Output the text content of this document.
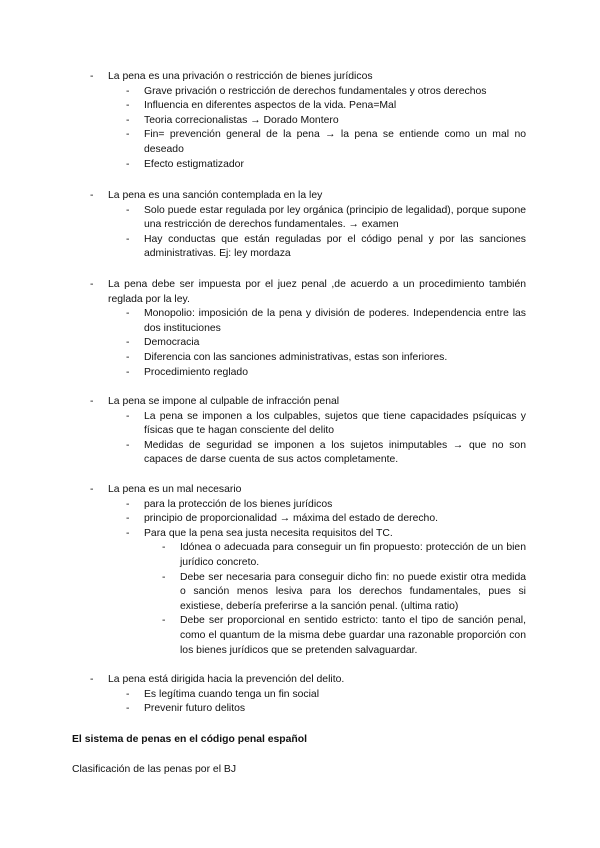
- La pena es una privación o restricción de bienes jurídicos
- Grave privación o restricción de derechos fundamentales y otros derechos
- Influencia en diferentes aspectos de la vida. Pena=Mal
- Teoria correcionalistas → Dorado Montero
- Fin= prevención general de la pena → la pena se entiende como un mal no deseado
- Efecto estigmatizador
- La pena es una sanción contemplada en la ley
- Solo puede estar regulada por ley orgánica (principio de legalidad), porque supone una restricción de derechos fundamentales. → examen
- Hay conductas que están reguladas por el código penal y por las sanciones administrativas. Ej: ley mordaza
- La pena debe ser impuesta por el juez penal ,de acuerdo a un procedimiento también reglada por la ley.
- Monopolio: imposición de la pena y división de poderes. Independencia entre las dos instituciones
- Democracia
- Diferencia con las sanciones administrativas, estas son inferiores.
- Procedimiento reglado
- La pena se impone al culpable de infracción penal
- La pena se imponen a los culpables, sujetos que tiene capacidades psíquicas y físicas que te hagan consciente del delito
- Medidas de seguridad se imponen a los sujetos inimputables → que no son capaces de darse cuenta de sus actos completamente.
- La pena es un mal necesario
- para la protección de los bienes jurídicos
- principio de proporcionalidad → máxima del estado de derecho.
- Para que la pena sea justa necesita requisitos del TC.
- Idónea o adecuada para conseguir un fin propuesto: protección de un bien jurídico concreto.
- Debe ser necesaria para conseguir dicho fin: no puede existir otra medida o sanción menos lesiva para los derechos fundamentales, pues si existiese, debería preferirse a la sanción penal. (ultima ratio)
- Debe ser proporcional en sentido estricto: tanto el tipo de sanción penal, como el quantum de la misma debe guardar una razonable proporción con los bienes jurídicos que se pretenden salvaguardar.
- La pena está dirigida hacia la prevención del delito.
- Es legítima cuando tenga un fin social
- Prevenir futuro delitos
El sistema de penas en el código penal español
Clasificación de las penas por el BJ
